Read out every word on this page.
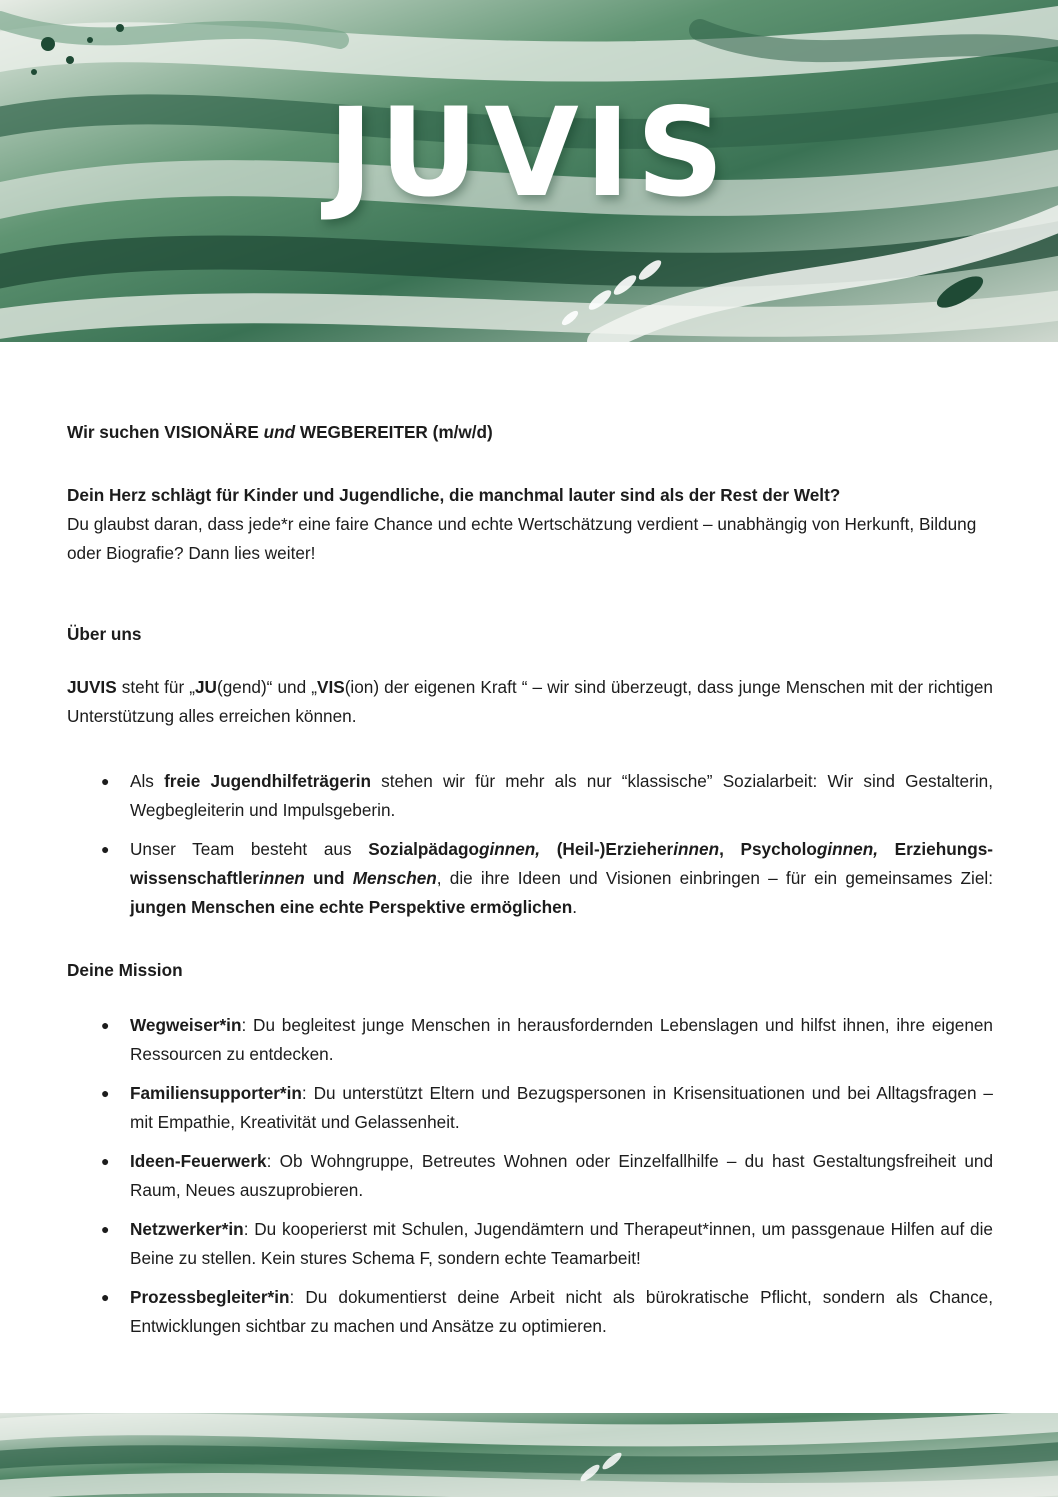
JUVIS

Wir suchen VISIONÄRE und WEGBEREITER (m/w/d)

Dein Herz schlägt für Kinder und Jugendliche, die manchmal lauter sind als der Rest der Welt?

Du glaubst daran, dass jede*r eine faire Chance und echte Wertschätzung verdient – unabhängig von Herkunft, Bildung oder Biografie? Dann lies weiter!

Über uns

JUVIS steht für „JU(gend)“ und „VIS(ion) der eigenen Kraft “ – wir sind überzeugt, dass junge Menschen mit der richtigen Unterstützung alles erreichen können.

● Als freie Jugendhilfeträgerin stehen wir für mehr als nur “klassische” Sozialarbeit: Wir sind Gestalterin, Wegbegleiterin und Impulsgeberin.
● Unser Team besteht aus Sozialpädagoginnen, (Heil-)Erzieherinnen, Psychologinnen, Erziehungs-wissenschaftlerinnen und Menschen, die ihre Ideen und Visionen einbringen – für ein gemeinsames Ziel: jungen Menschen eine echte Perspektive ermöglichen.

Deine Mission

● Wegweiser*in: Du begleitest junge Menschen in herausfordernden Lebenslagen und hilfst ihnen, ihre eigenen Ressourcen zu entdecken.
● Familiensupporter*in: Du unterstützt Eltern und Bezugspersonen in Krisensituationen und bei Alltagsfragen – mit Empathie, Kreativität und Gelassenheit.
● Ideen-Feuerwerk: Ob Wohngruppe, Betreutes Wohnen oder Einzelfallhilfe – du hast Gestaltungsfreiheit und Raum, Neues auszuprobieren.
● Netzwerker*in: Du kooperierst mit Schulen, Jugendämtern und Therapeut*innen, um passgenaue Hilfen auf die Beine zu stellen. Kein stures Schema F, sondern echte Teamarbeit!
● Prozessbegleiter*in: Du dokumentierst deine Arbeit nicht als bürokratische Pflicht, sondern als Chance, Entwicklungen sichtbar zu machen und Ansätze zu optimieren.
